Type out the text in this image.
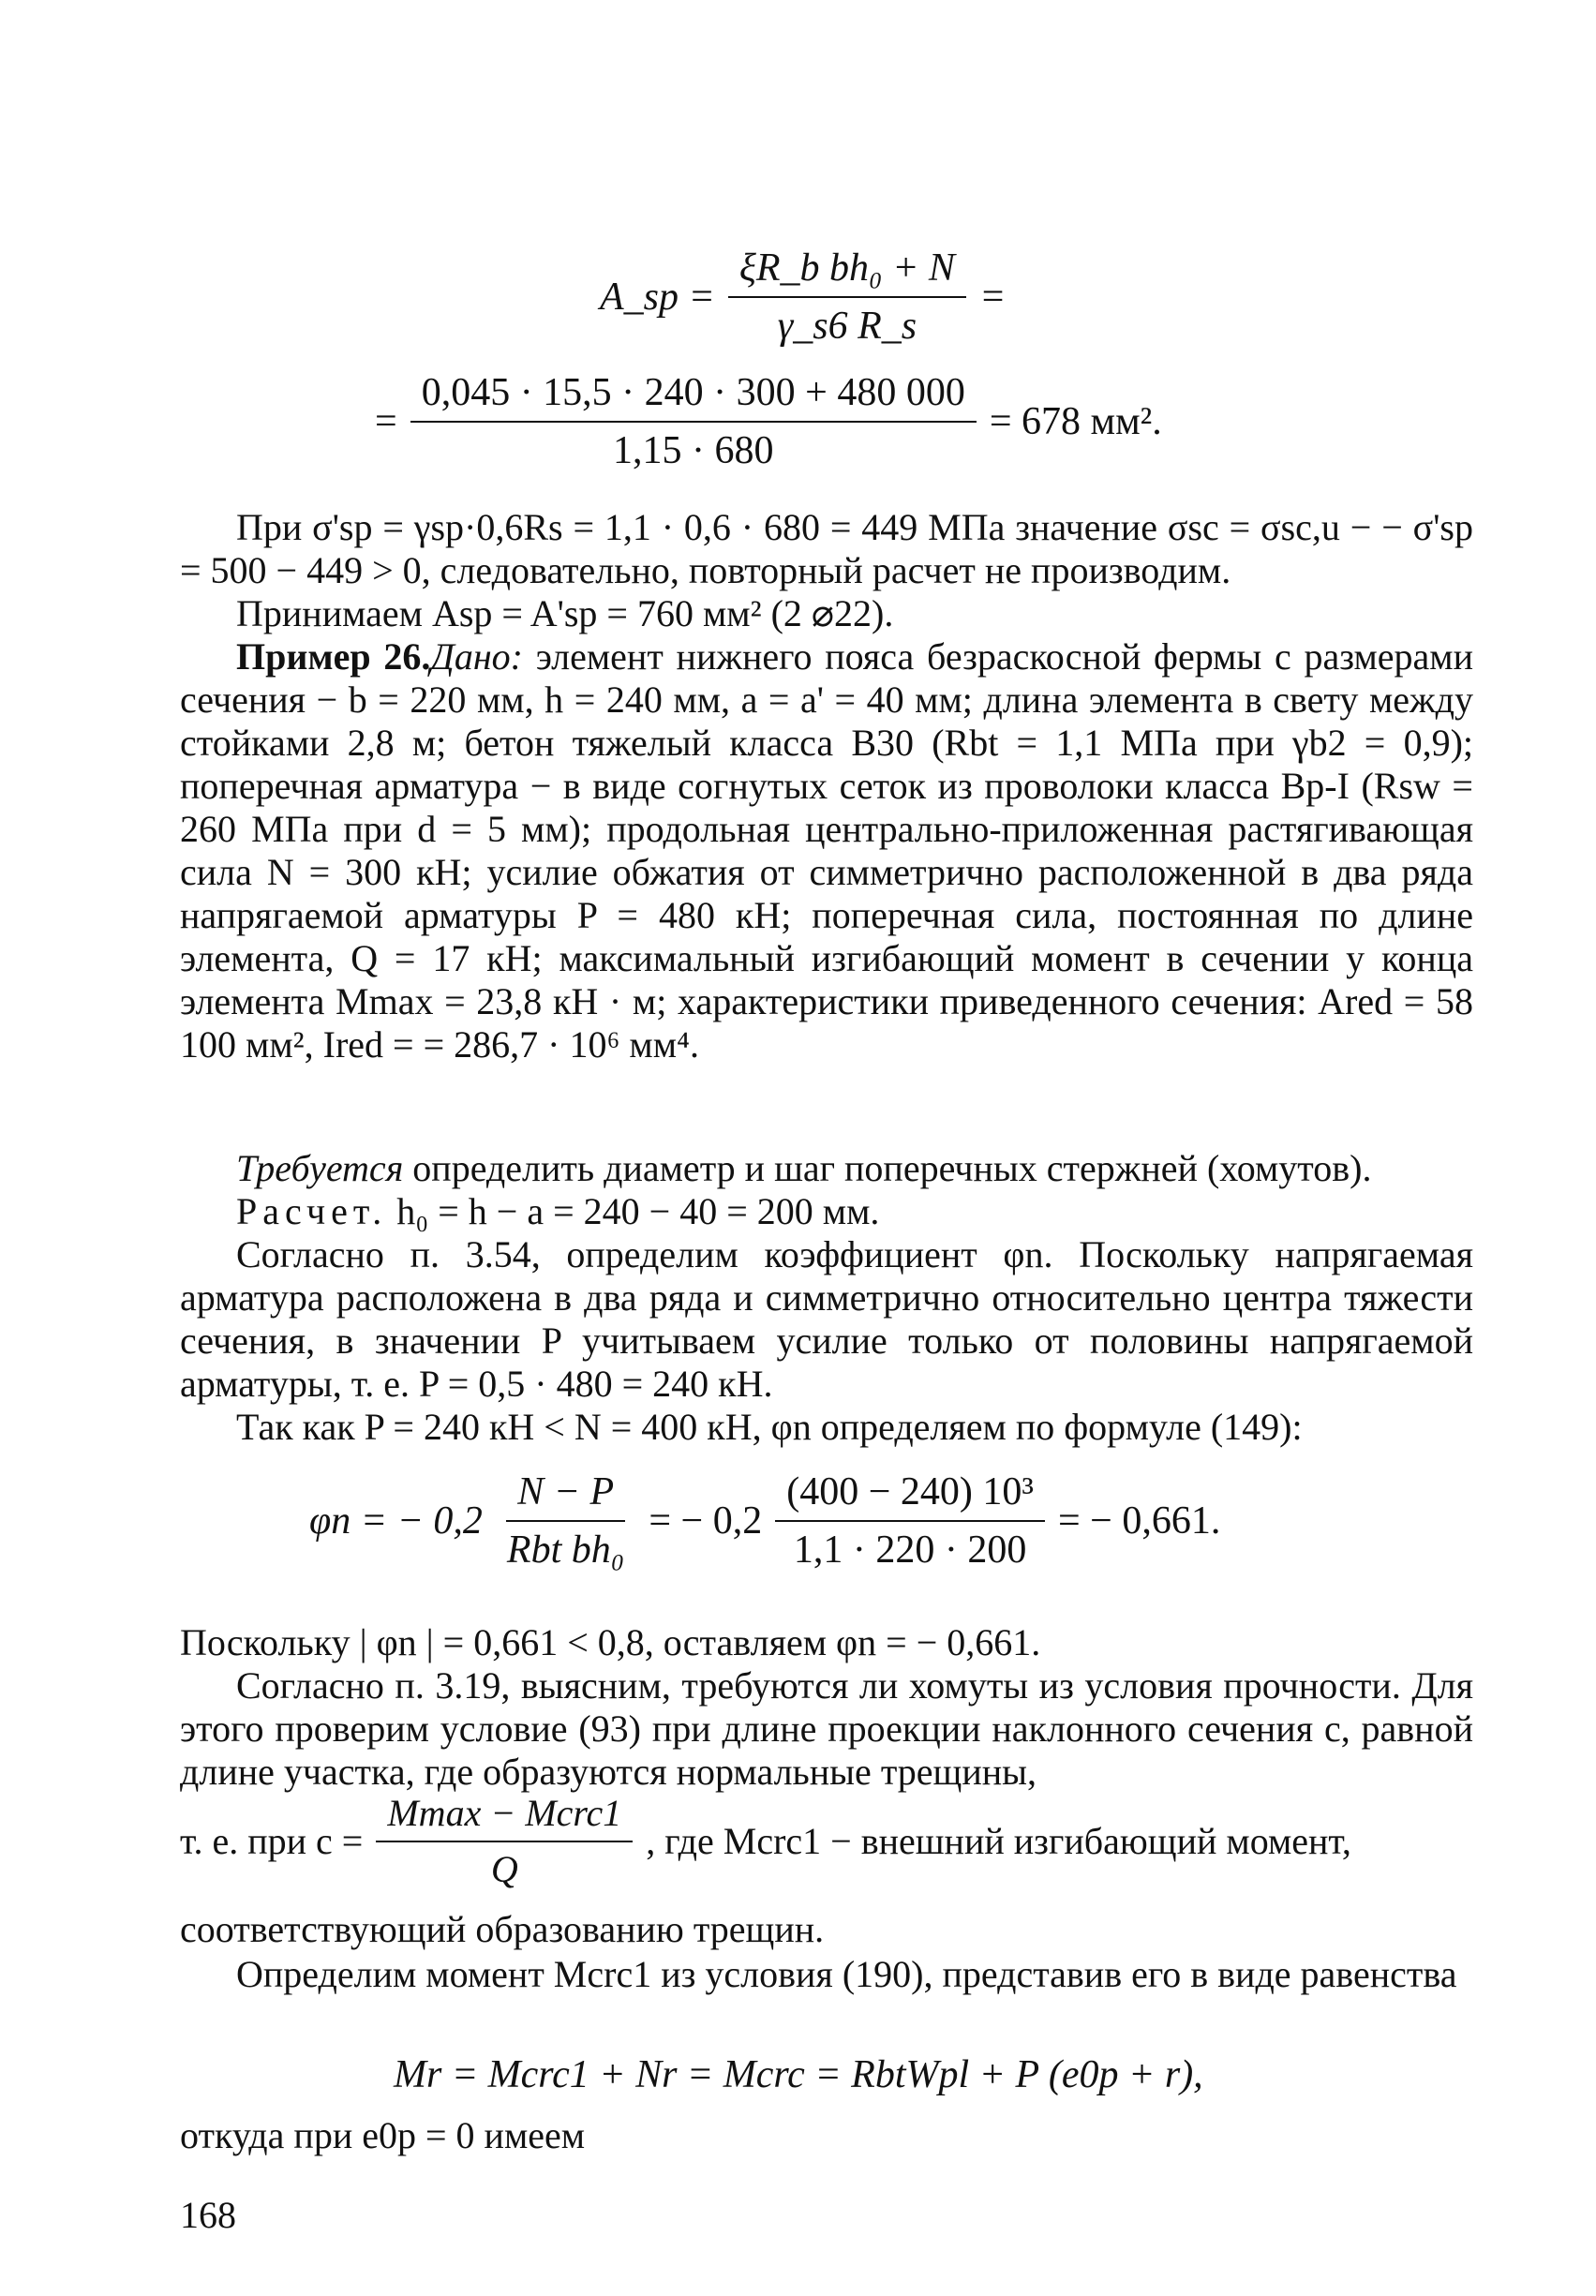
A_sp = $\frac{\text{ξR\_b bh₀ + N}}{\gamma\_s6 R\_s}$ =
= $\frac{0,045 \cdot 15,5 \cdot 240 \cdot 300 + 480 000}{1,15 \cdot 680} = 678$ мм².

При σ'sp = γsp·0,6Rs = 1,1 · 0,6 · 680 = 449 МПа значение σsc = σsc,u − − σ'sp = 500 − 449 > 0, следовательно, повторный расчет не производим.

Принимаем Asp = A'sp = 760 мм² (2 ⌀22).

Пример 26.Дано: элемент нижнего пояса безраскосной фермы с размерами сечения − b = 220 мм, h = 240 мм, a = a' = 40 мм; длина элемента в свету между стойками 2,8 м; бетон тяжелый класса В30 (Rbt = 1,1 МПа при γb2 = 0,9); поперечная арматура − в виде согнутых сеток из проволоки класса Вр-I (Rsw = 260 МПа при d = 5 мм); продольная центрально-приложенная растягивающая сила N = 300 кН; усилие обжатия от симметрично расположенной в два ряда напрягаемой арматуры P = 480 кН; поперечная сила, постоянная по длине элемента, Q = 17 кН; максимальный изгибающий момент в сечении у конца элемента Mmax = 23,8 кН · м; характеристики приведенного сечения: Ared = 58 100 мм², Ired = = 286,7 · 10⁶ мм⁴.

Требуется определить диаметр и шаг поперечных стержней (хомутов).

Расчет. h₀ = h − a = 240 − 40 = 200 мм.

Согласно п. 3.54, определим коэффициент φn. Поскольку напрягаемая арматура расположена в два ряда и симметрично относительно центра тяжести сечения, в значении P учитываем усилие только от половины напрягаемой арматуры, т. е. P = 0,5 · 480 = 240 кН.

Так как P = 240 кН < N = 400 кН, φn определяем по формуле (149):

φn = − $0,2 \frac{N - P}{\text{Rbt bh₀}}$ = − $0,2 \frac{\text{(400 − 240) 10³}}{1,1 \cdot 220 \cdot 200}$ = − 0,661.

Поскольку | φn | = 0,661 < 0,8, оставляем φn = − 0,661.

Согласно п. 3.19, выясним, требуются ли хомуты из условия прочности. Для этого проверим условие (93) при длине проекции наклонного сечения c, равной длине участка, где образуются нормальные трещины,

т. е. при $c = \frac{\text{Mmax − Mcrc1}}{Q}$ , где Mcrc1 − внешний изгибающий момент,

соответствующий образованию трещин.

Определим момент Mcrc1 из условия (190), представив его в виде равенства

Mr = Mcrc1 + Nr = Mcrc = RbtWpl + P (e0p + r),

откуда при e0p = 0 имеем

168
